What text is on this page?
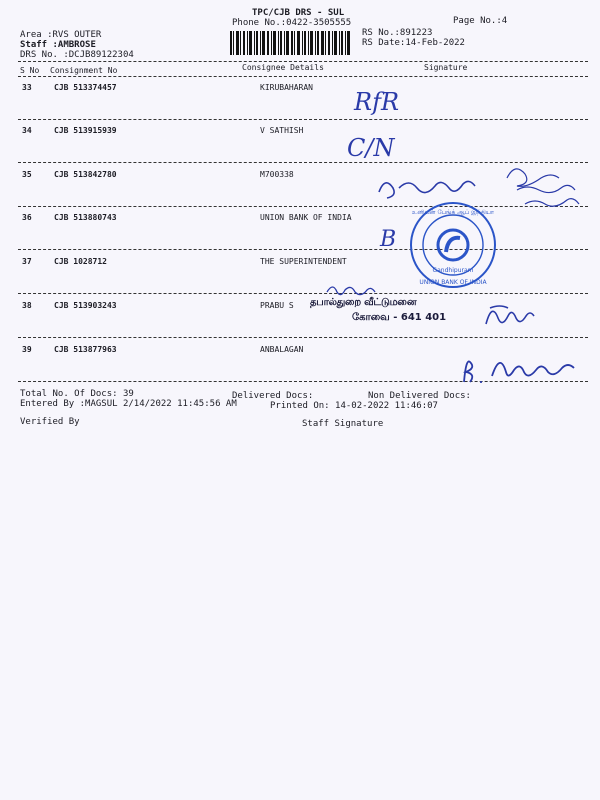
TPC/CJB DRS - SUL
Phone No.:0422-3505555	Page No.:4
Area :RVS OUTER
Staff :AMBROSE
DRS No. :DCJB89122304
RS No.:891223
RS Date:14-Feb-2022
S No Consignment No	Consignee Details	Signature
33	CJB 513374457	KIRUBAHARAN
34	CJB 513915939	V SATHISH
35	CJB 513842780	M700338
36	CJB 513880743	UNION BANK OF INDIA
37	CJB 1028712	THE SUPERINTENDENT
38	CJB 513903243	PRABU S
39	CJB 513877963	ANBALAGAN
RfR
C/N
B
உனியன் பேங்க் ஆப் இந்தியா
UNION BANK OF INDIA
Gandhipuram
தபால்துறை வீட்டுமனை
கோவை - 641 401
Total No. Of Docs: 39	Delivered Docs:	Non Delivered Docs:
Entered By :MAGSUL 2/14/2022 11:45:56 AM	Printed On: 14-02-2022 11:46:07
Verified By	Staff Signature
